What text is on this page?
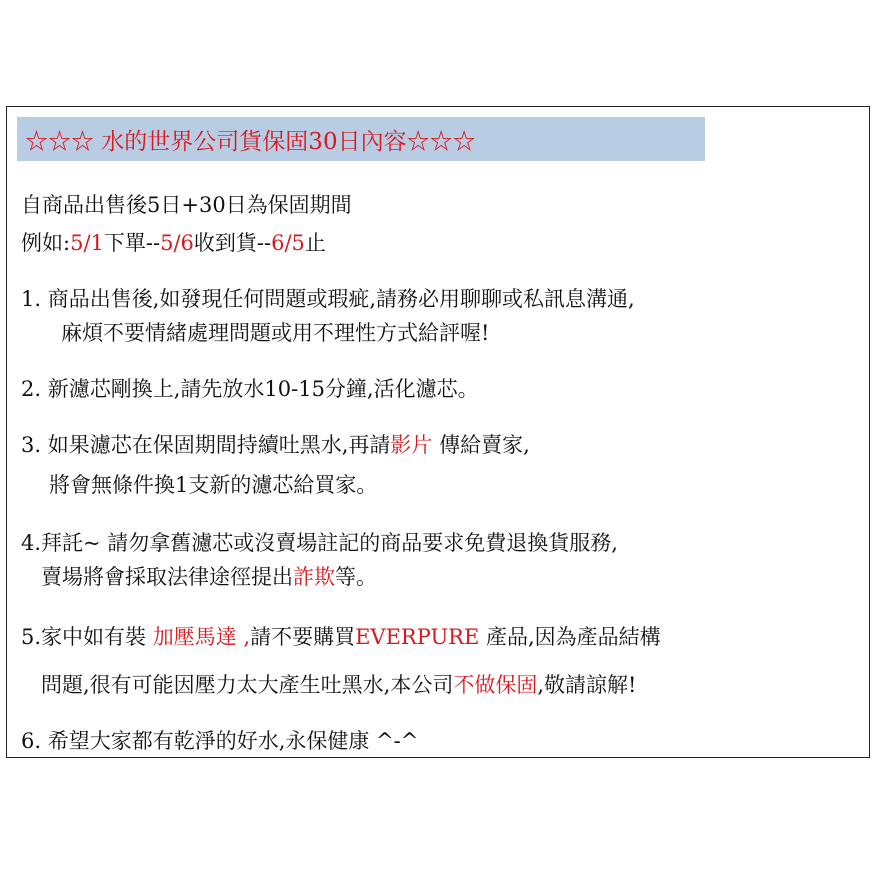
☆☆☆ 水的世界公司貨保固30日內容☆☆☆
自商品出售後5日+30日為保固期間
例如:5/1下單--5/6收到貨--6/5止
1. 商品出售後,如發現任何問題或瑕疵,請務必用聊聊或私訊息溝通,
麻煩不要情緒處理問題或用不理性方式給評喔!
2. 新濾芯剛換上,請先放水10-15分鐘,活化濾芯。
3. 如果濾芯在保固期間持續吐黑水,再請影片 傳給賣家,
將會無條件換1支新的濾芯給買家。
4.拜託~ 請勿拿舊濾芯或沒賣場註記的商品要求免費退換貨服務,
賣場將會採取法律途徑提出詐欺等。
5.家中如有裝 加壓馬達 ,請不要購買EVERPURE 產品,因為產品結構
問題,很有可能因壓力太大產生吐黑水,本公司不做保固,敬請諒解!
6. 希望大家都有乾淨的好水,永保健康 ^-^
